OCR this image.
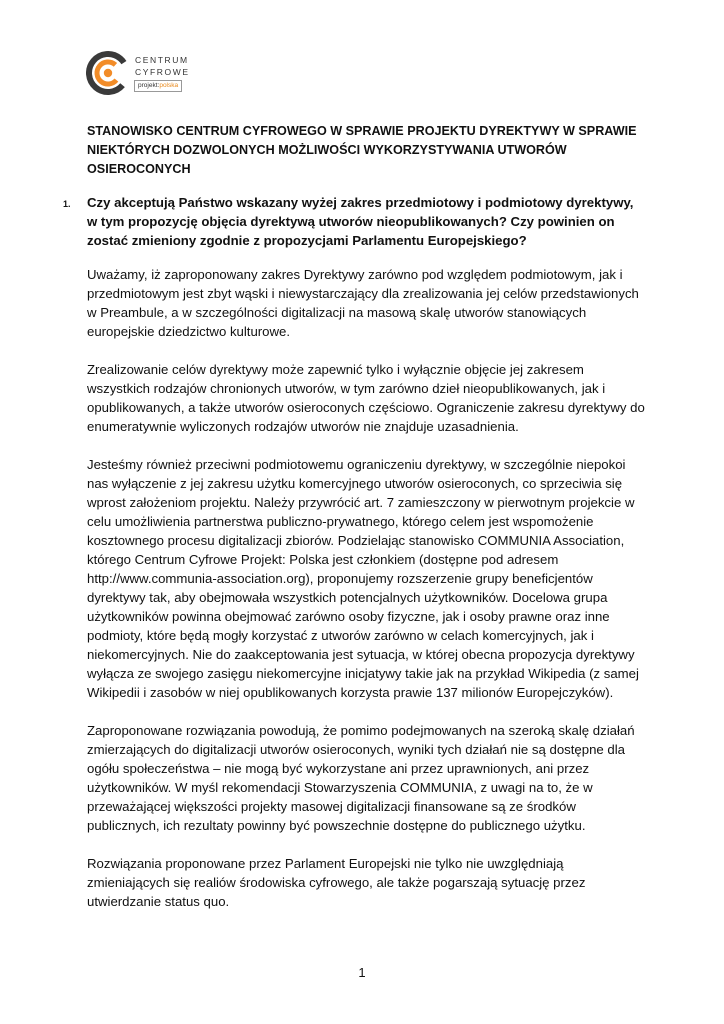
CENTRUM
CYFROWE
projekt:polska
STANOWISKO CENTRUM CYFROWEGO W SPRAWIE PROJEKTU DYREKTYWY W SPRAWIE NIEKTÓRYCH DOZWOLONYCH MOŻLIWOŚCI WYKORZYSTYWANIA UTWORÓW OSIEROCONYCH
1. Czy akceptują Państwo wskazany wyżej zakres przedmiotowy i podmiotowy dyrektywy, w tym propozycję objęcia dyrektywą utworów nieopublikowanych? Czy powinien on zostać zmieniony zgodnie z propozycjami Parlamentu Europejskiego?

Uważamy, iż zaproponowany zakres Dyrektywy zarówno pod względem podmiotowym, jak i przedmiotowym jest zbyt wąski i niewystarczający dla zrealizowania jej celów przedstawionych w Preambule, a w szczególności digitalizacji na masową skalę utworów stanowiących europejskie dziedzictwo kulturowe.

Zrealizowanie celów dyrektywy może zapewnić tylko i wyłącznie objęcie jej zakresem wszystkich rodzajów chronionych utworów, w tym zarówno dzieł nieopublikowanych, jak i opublikowanych, a także utworów osieroconych częściowo. Ograniczenie zakresu dyrektywy do enumeratywnie wyliczonych rodzajów utworów nie znajduje uzasadnienia.

Jesteśmy również przeciwni podmiotowemu ograniczeniu dyrektywy, w szczególnie niepokoi nas wyłączenie z jej zakresu użytku komercyjnego utworów osieroconych, co sprzeciwia się wprost założeniom projektu. Należy przywrócić art. 7 zamieszczony w pierwotnym projekcie w celu umożliwienia partnerstwa publiczno-prywatnego, którego celem jest wspomożenie kosztownego procesu digitalizacji zbiorów. Podzielając stanowisko COMMUNIA Association, którego Centrum Cyfrowe Projekt: Polska jest członkiem (dostępne pod adresem http://www.communia-association.org), proponujemy rozszerzenie grupy beneficjentów dyrektywy tak, aby obejmowała wszystkich potencjalnych użytkowników. Docelowa grupa użytkowników powinna obejmować zarówno osoby fizyczne, jak i osoby prawne oraz inne podmioty, które będą mogły korzystać z utworów zarówno w celach komercyjnych, jak i niekomercyjnych. Nie do zaakceptowania jest sytuacja, w której obecna propozycja dyrektywy wyłącza ze swojego zasięgu niekomercyjne inicjatywy takie jak na przykład Wikipedia (z samej Wikipedii i zasobów w niej opublikowanych korzysta prawie 137 milionów Europejczyków).

Zaproponowane rozwiązania powodują, że pomimo podejmowanych na szeroką skalę działań zmierzających do digitalizacji utworów osieroconych, wyniki tych działań nie są dostępne dla ogółu społeczeństwa – nie mogą być wykorzystane ani przez uprawnionych, ani przez użytkowników. W myśl rekomendacji Stowarzyszenia COMMUNIA, z uwagi na to, że w przeważającej większości projekty masowej digitalizacji finansowane są ze środków publicznych, ich rezultaty powinny być powszechnie dostępne do publicznego użytku.

Rozwiązania proponowane przez Parlament Europejski nie tylko nie uwzględniają zmieniających się realiów środowiska cyfrowego, ale także pogarszają sytuację przez utwierdzanie status quo.

1
